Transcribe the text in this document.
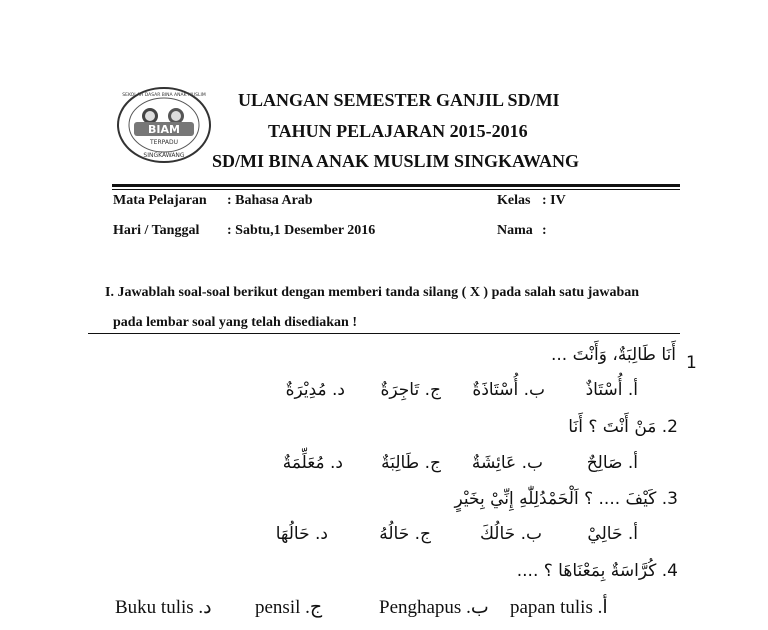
BIAM
TERPADU
SINGKAWANG
SEKOLAH DASAR BINA ANAK MUSLIM ULANGAN SEMESTER GANJIL SD/MI
TAHUN PELAJARAN 2015-2016
SD/MI BINA ANAK MUSLIM SINGKAWANG
Mata Pelajaran : Bahasa Arab	Kelas : IV
Hari / Tanggal : Sabtu,1 Desember 2016	Nama :
I. Jawablah soal-soal berikut dengan memberi tanda silang ( X ) pada salah satu jawaban
pada lembar soal yang telah disediakan !
أَنَا طَالِبَةٌ، وَأَنْتَ ... 1
أ. أُسْتَاذٌ
ب. أُسْتَاذَةٌ
ج. تَاجِرَةٌ
د. مُدِيْرَةٌ
2. مَنْ أَنْتَ ؟ أَنَا
أ. صَالِحٌ
ب. عَائِشَةٌ
ج. طَالِبَةٌ
د. مُعَلِّمَةٌ
3. كَيْفَ .... ؟ اَلْحَمْدُلِلّٰهِ إِنِّيْ بِخَيْرٍ
أ. حَالِيْ
ب. حَالُكَ
ج. حَالُهُ
د. حَالُهَا
4. كُرَّاسَةٌ بِمَعْنَاهَا ؟ ....
papan tulis .أ
Penghapus .ب
pensil .ج
Buku tulis .د
